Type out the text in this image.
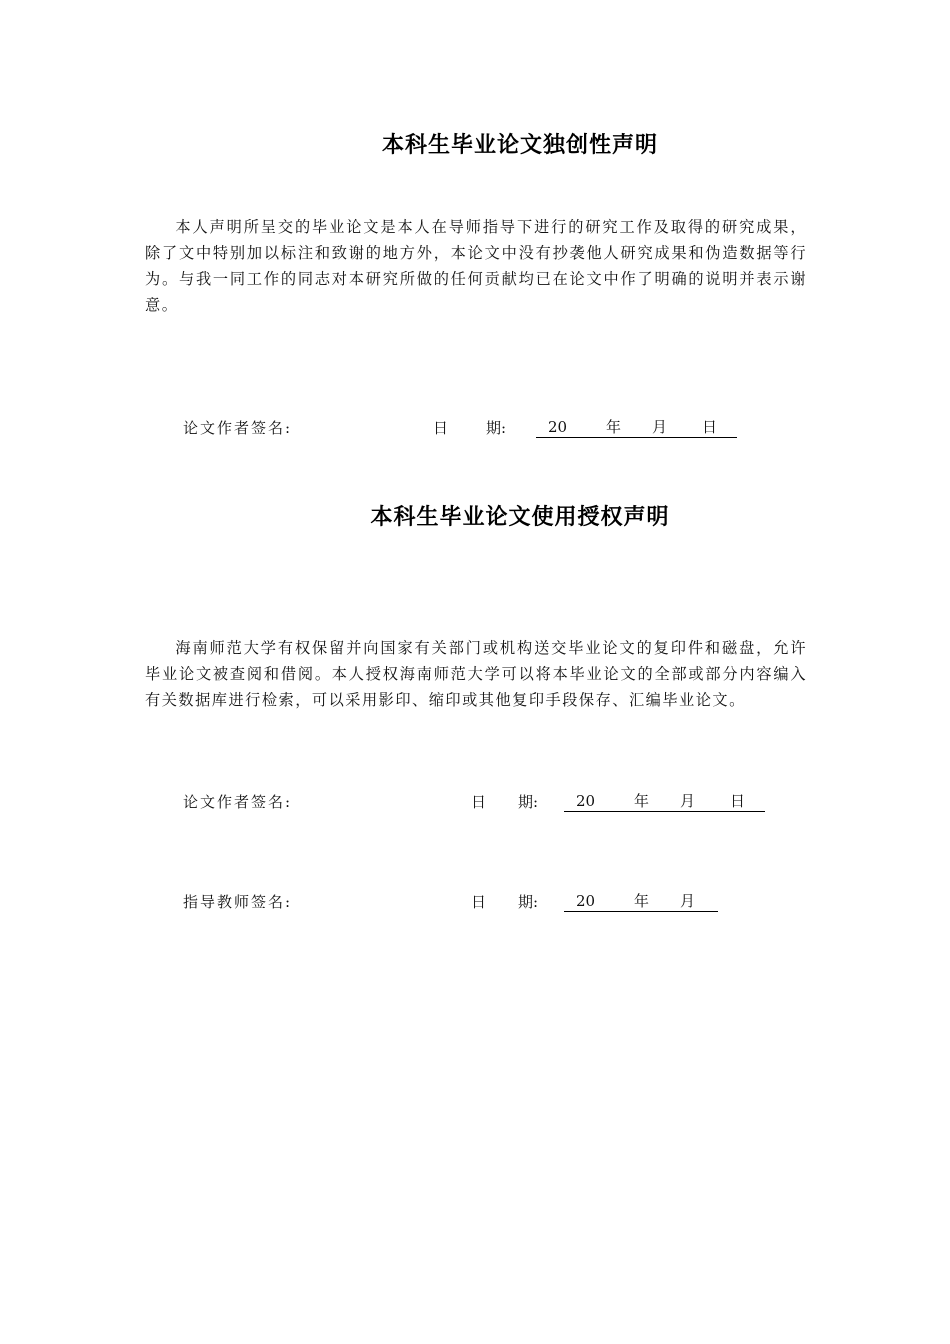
本科生毕业论文独创性声明

本人声明所呈交的毕业论文是本人在导师指导下进行的研究工作及取得的研究成果，除了文中特别加以标注和致谢的地方外，本论文中没有抄袭他人研究成果和伪造数据等行为。与我一同工作的同志对本研究所做的任何贡献均已在论文中作了明确的说明并表示谢意。

论文作者签名:	日	期:	20	年 月 日
本科生毕业论文使用授权声明

海南师范大学有权保留并向国家有关部门或机构送交毕业论文的复印件和磁盘，允许毕业论文被查阅和借阅。本人授权海南师范大学可以将本毕业论文的全部或部分内容编入有关数据库进行检索，可以采用影印、缩印或其他复印手段保存、汇编毕业论文。

论文作者签名:	日 期:	20	年 月 日
指导教师签名:	日 期:	20	年 月
